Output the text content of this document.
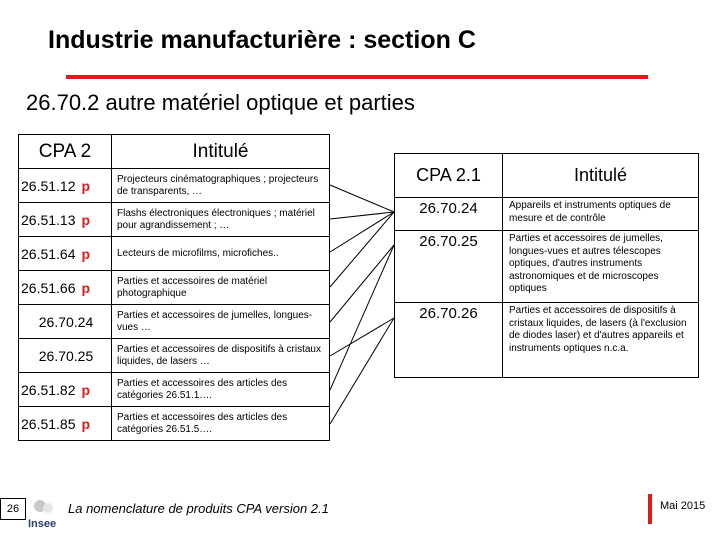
Industrie manufacturière : section C
26.70.2 autre matériel optique et parties
CPA 2	Intitulé
26.51.12 p	Projecteurs cinématographiques ; projecteurs de transparents, …
26.51.13 p	Flashs électroniques électroniques ; matériel pour agrandissement ; …
26.51.64 p	Lecteurs de microfilms, microfiches..
26.51.66 p	Parties et accessoires de matériel photographique
26.70.24	Parties et accessoires de jumelles, longues-vues …
26.70.25	Parties et accessoires de dispositifs à cristaux liquides, de lasers …
26.51.82 p	Parties et accessoires des articles des catégories 26.51.1….
26.51.85 p	Parties et accessoires des articles des catégories 26.51.5….
CPA 2.1	Intitulé
26.70.24	Appareils et instruments optiques de mesure et de contrôle
26.70.25	Parties et accessoires de jumelles, longues-vues et autres télescopes optiques, d'autres instruments astronomiques et de microscopes optiques
26.70.26	Parties et accessoires de dispositifs à cristaux liquides, de lasers (à l'exclusion de diodes laser) et d'autres appareils et instruments optiques n.c.a.
26
Insee
La nomenclature de produits CPA version 2.1	Mai 2015
